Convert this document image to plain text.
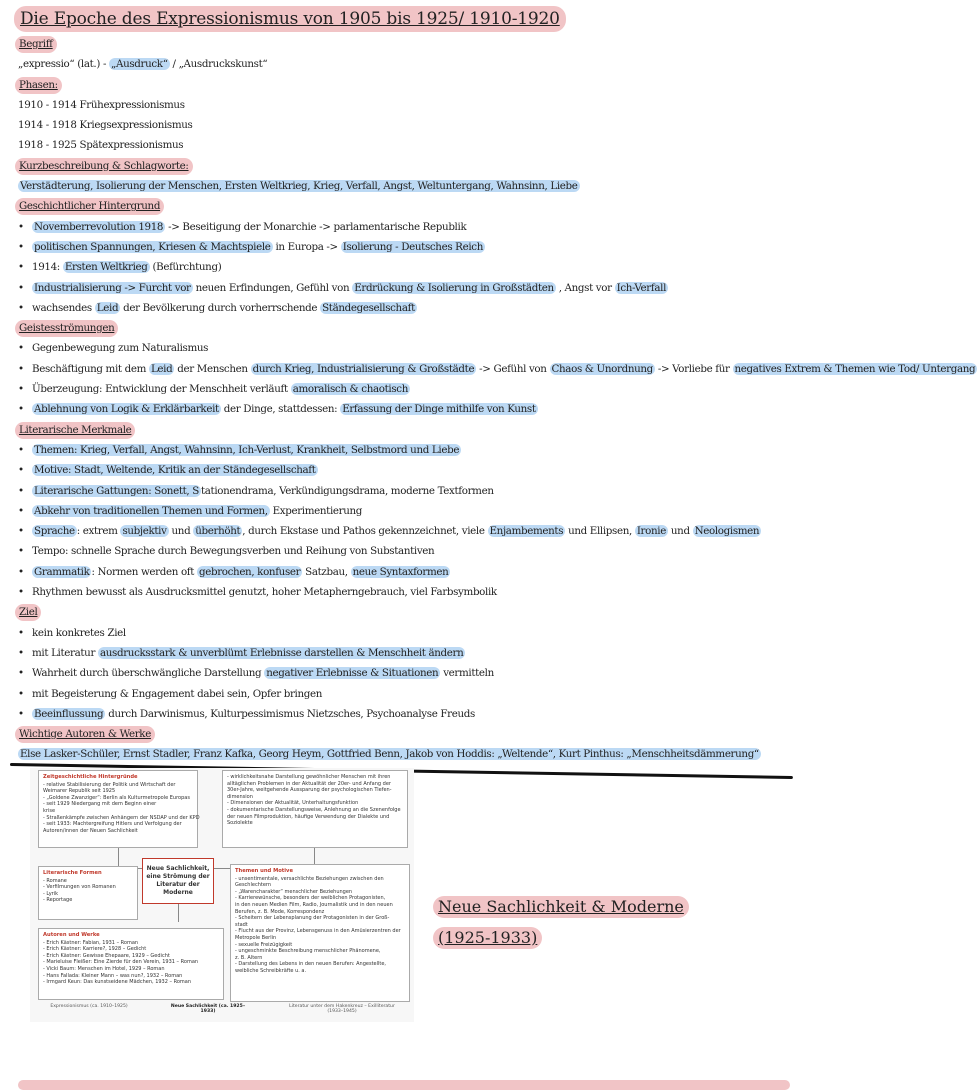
Die Epoche des Expressionismus von 1905 bis 1925/ 1910-1920
Begriff
„expressio“ (lat.) - „Ausdruck“ / „Ausdruckskunst“
Phasen:
1910 - 1914 Frühexpressionismus
1914 - 1918 Kriegsexpressionismus
1918 - 1925 Spätexpressionismus
Kurzbeschreibung & Schlagworte:
Verstädterung, Isolierung der Menschen, Ersten Weltkrieg, Krieg, Verfall, Angst, Weltuntergang, Wahnsinn, Liebe
Geschichtlicher Hintergrund
• Novemberrevolution 1918 -> Beseitigung der Monarchie -> parlamentarische Republik
• politischen Spannungen, Kriesen & Machtspiele in Europa -> Isolierung - Deutsches Reich
• 1914: Ersten Weltkrieg (Befürchtung)
• Industrialisierung -> Furcht vor neuen Erfindungen, Gefühl von Erdrückung & Isolierung in Großstädten , Angst vor Ich-Verfall
• wachsendes Leid der Bevölkerung durch vorherrschende Ständegesellschaft
Geistesströmungen
• Gegenbewegung zum Naturalismus
• Beschäftigung mit dem Leid der Menschen durch Krieg, Industrialisierung & Großstädte -> Gefühl von Chaos & Unordnung -> Vorliebe für negatives Extrem & Themen wie Tod/ Untergang
• Überzeugung: Entwicklung der Menschheit verläuft amoralisch & chaotisch
• Ablehnung von Logik & Erklärbarkeit der Dinge, stattdessen: Erfassung der Dinge mithilfe von Kunst
Literarische Merkmale
• Themen: Krieg, Verfall, Angst, Wahnsinn, Ich-Verlust, Krankheit, Selbstmord und Liebe
• Motive: Stadt, Weltende, Kritik an der Ständegesellschaft
• Literarische Gattungen: Sonett, S tationendrama, Verkündigungsdrama, moderne Textformen
• Abkehr von traditionellen Themen und Formen, Experimentierung
• Sprache : extrem subjektiv und überhöht , durch Ekstase und Pathos gekennzeichnet, viele Enjambements und Ellipsen, Ironie und Neologismen
• Tempo: schnelle Sprache durch Bewegungsverben und Reihung von Substantiven
• Grammatik : Normen werden oft gebrochen, konfuser Satzbau, neue Syntaxformen
• Rhythmen bewusst als Ausdrucksmittel genutzt, hoher Metapherngebrauch, viel Farbsymbolik
Ziel
• kein konkretes Ziel
• mit Literatur ausdrucksstark & unverblümt Erlebnisse darstellen & Menschheit ändern
• Wahrheit durch überschwängliche Darstellung negativer Erlebnisse & Situationen vermitteln
• mit Begeisterung & Engagement dabei sein, Opfer bringen
• Beeinflussung durch Darwinismus, Kulturpessimismus Nietzsches, Psychoanalyse Freuds
Wichtige Autoren & Werke
Else Lasker-Schüler, Ernst Stadler, Franz Kafka, Georg Heym, Gottfried Benn, Jakob von Hoddis: „Weltende“, Kurt Pinthus: „Menschheitsdämmerung“
Zeitgeschichtliche Hintergründe
- relative Stabilisierung der Politik und Wirtschaft der
Weimarer Republik seit 1925
- „Goldene Zwanziger“: Berlin als Kulturmetropole Europas
- seit 1929 Niedergang mit dem Beginn einer
krise
- Straßenkämpfe zwischen Anhängern der NSDAP und der KPD
- seit 1933: Machtergreifung Hitlers und Verfolgung der
Autoren/innen der Neuen Sachlichkeit
- wirklichkeitsnahe Darstellung gewöhnlicher Menschen mit ihren
alltäglichen Problemen in der Aktualität der 20er- und Anfang der
30er-Jahre, weitgehende Aussparung der psychologischen Tiefen-
dimension
- Dimensionen der Aktualität, Unterhaltungsfunktion
- dokumentarische Darstellungsweise, Anlehnung an die Szenenfolge
der neuen Filmproduktion, häufige Verwendung der Dialekte und
Soziolekte
Literarische Formen
- Romane
- Verfilmungen von Romanen
- Lyrik
- Reportage
Neue Sachlichkeit, eine Strömung der Literatur der Moderne
Themen und Motive
- unsentimentale, versachlichte Beziehungen zwischen den
Geschlechtern
- „Warencharakter“ menschlicher Beziehungen
- Karrierewünsche, besonders der weiblichen Protagonisten,
in den neuen Medien Film, Radio, Journalistik und in den neuen
Berufen, z. B. Mode, Korrespondenz
- Scheitern der Lebensplanung der Protagonisten in der Groß-
stadt
- Flucht aus der Provinz, Lebensgenuss in den Amüsierzentren der
Metropole Berlin
- sexuelle Freizügigkeit
- ungeschminkte Beschreibung menschlicher Phänomene,
z. B. Altern
- Darstellung des Lebens in den neuen Berufen: Angestellte,
weibliche Schreibkräfte u. a.
Autoren und Werke
- Erich Kästner: Fabian, 1931 – Roman
- Erich Kästner: Karriere?, 1928 – Gedicht
- Erich Kästner: Gewisse Ehepaare, 1929 – Gedicht
- Marieluise Fleißer: Eine Zierde für den Verein, 1931 – Roman
- Vicki Baum: Menschen im Hotel, 1929 – Roman
- Hans Fallada: Kleiner Mann – was nun?, 1932 – Roman
- Irmgard Keun: Das kunstseidene Mädchen, 1932 – Roman
Expressionismus (ca. 1910–1925)	Neue Sachlichkeit (ca. 1925–1933)
Literatur unter dem Hakenkreuz – Exilliteratur (1933–1945)
Neue Sachlichkeit & Moderne
(1925-1933)
